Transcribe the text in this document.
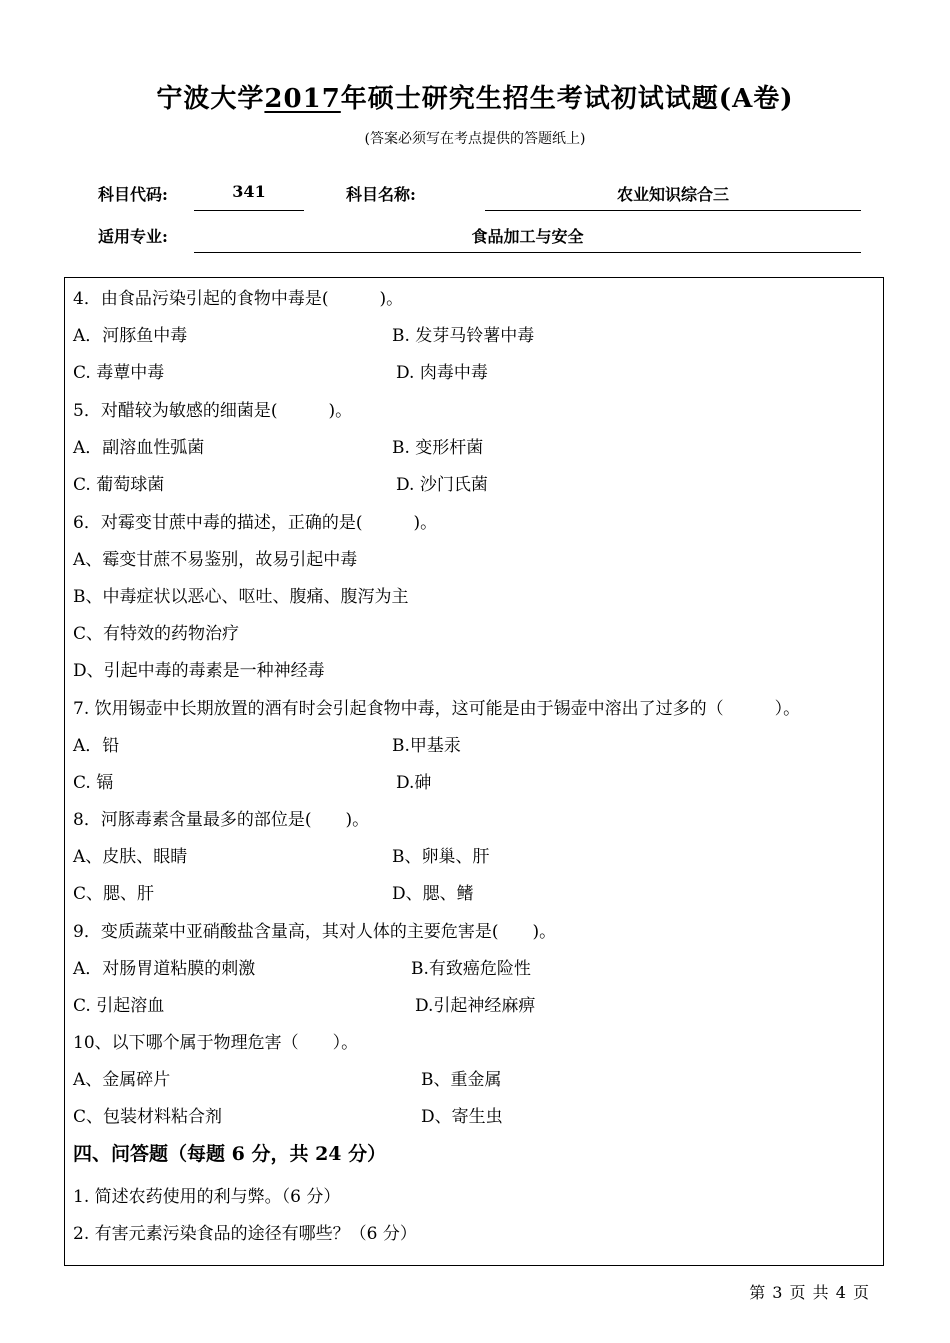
宁波大学2017年硕士研究生招生考试初试试题(A卷)
(答案必须写在考点提供的答题纸上)
科目代码:	341	科目名称:	农业知识综合三
适用专业:	食品加工与安全
4．由食品污染引起的食物中毒是(　　　)。
A．河豚鱼中毒	B. 发芽马铃薯中毒
C. 毒蕈中毒	D. 肉毒中毒
5．对醋较为敏感的细菌是(　　　)。
A．副溶血性弧菌	B. 变形杆菌
C. 葡萄球菌	D. 沙门氏菌
6．对霉变甘蔗中毒的描述，正确的是(　　　)。
A、霉变甘蔗不易鉴别，故易引起中毒
B、中毒症状以恶心、呕吐、腹痛、腹泻为主
C、有特效的药物治疗
D、引起中毒的毒素是一种神经毒
7. 饮用锡壶中长期放置的酒有时会引起食物中毒，这可能是由于锡壶中溶出了过多的（　　　）。
A．铅	B.甲基汞
C. 镉	D.砷
8．河豚毒素含量最多的部位是(　　)。
A、皮肤、眼睛	B、卵巢、肝
C、腮、肝	D、腮、鳍
9．变质蔬菜中亚硝酸盐含量高，其对人体的主要危害是(　　)。
A．对肠胃道粘膜的刺激	B.有致癌危险性
C. 引起溶血	D.引起神经麻痹
10、以下哪个属于物理危害（　　）。
A、金属碎片	B、重金属
C、包装材料粘合剂	D、寄生虫
四、问答题（每题 6 分，共 24 分）
1. 简述农药使用的利与弊。（6 分）
2. 有害元素污染食品的途径有哪些？（6 分）
第 3 页 共 4 页
